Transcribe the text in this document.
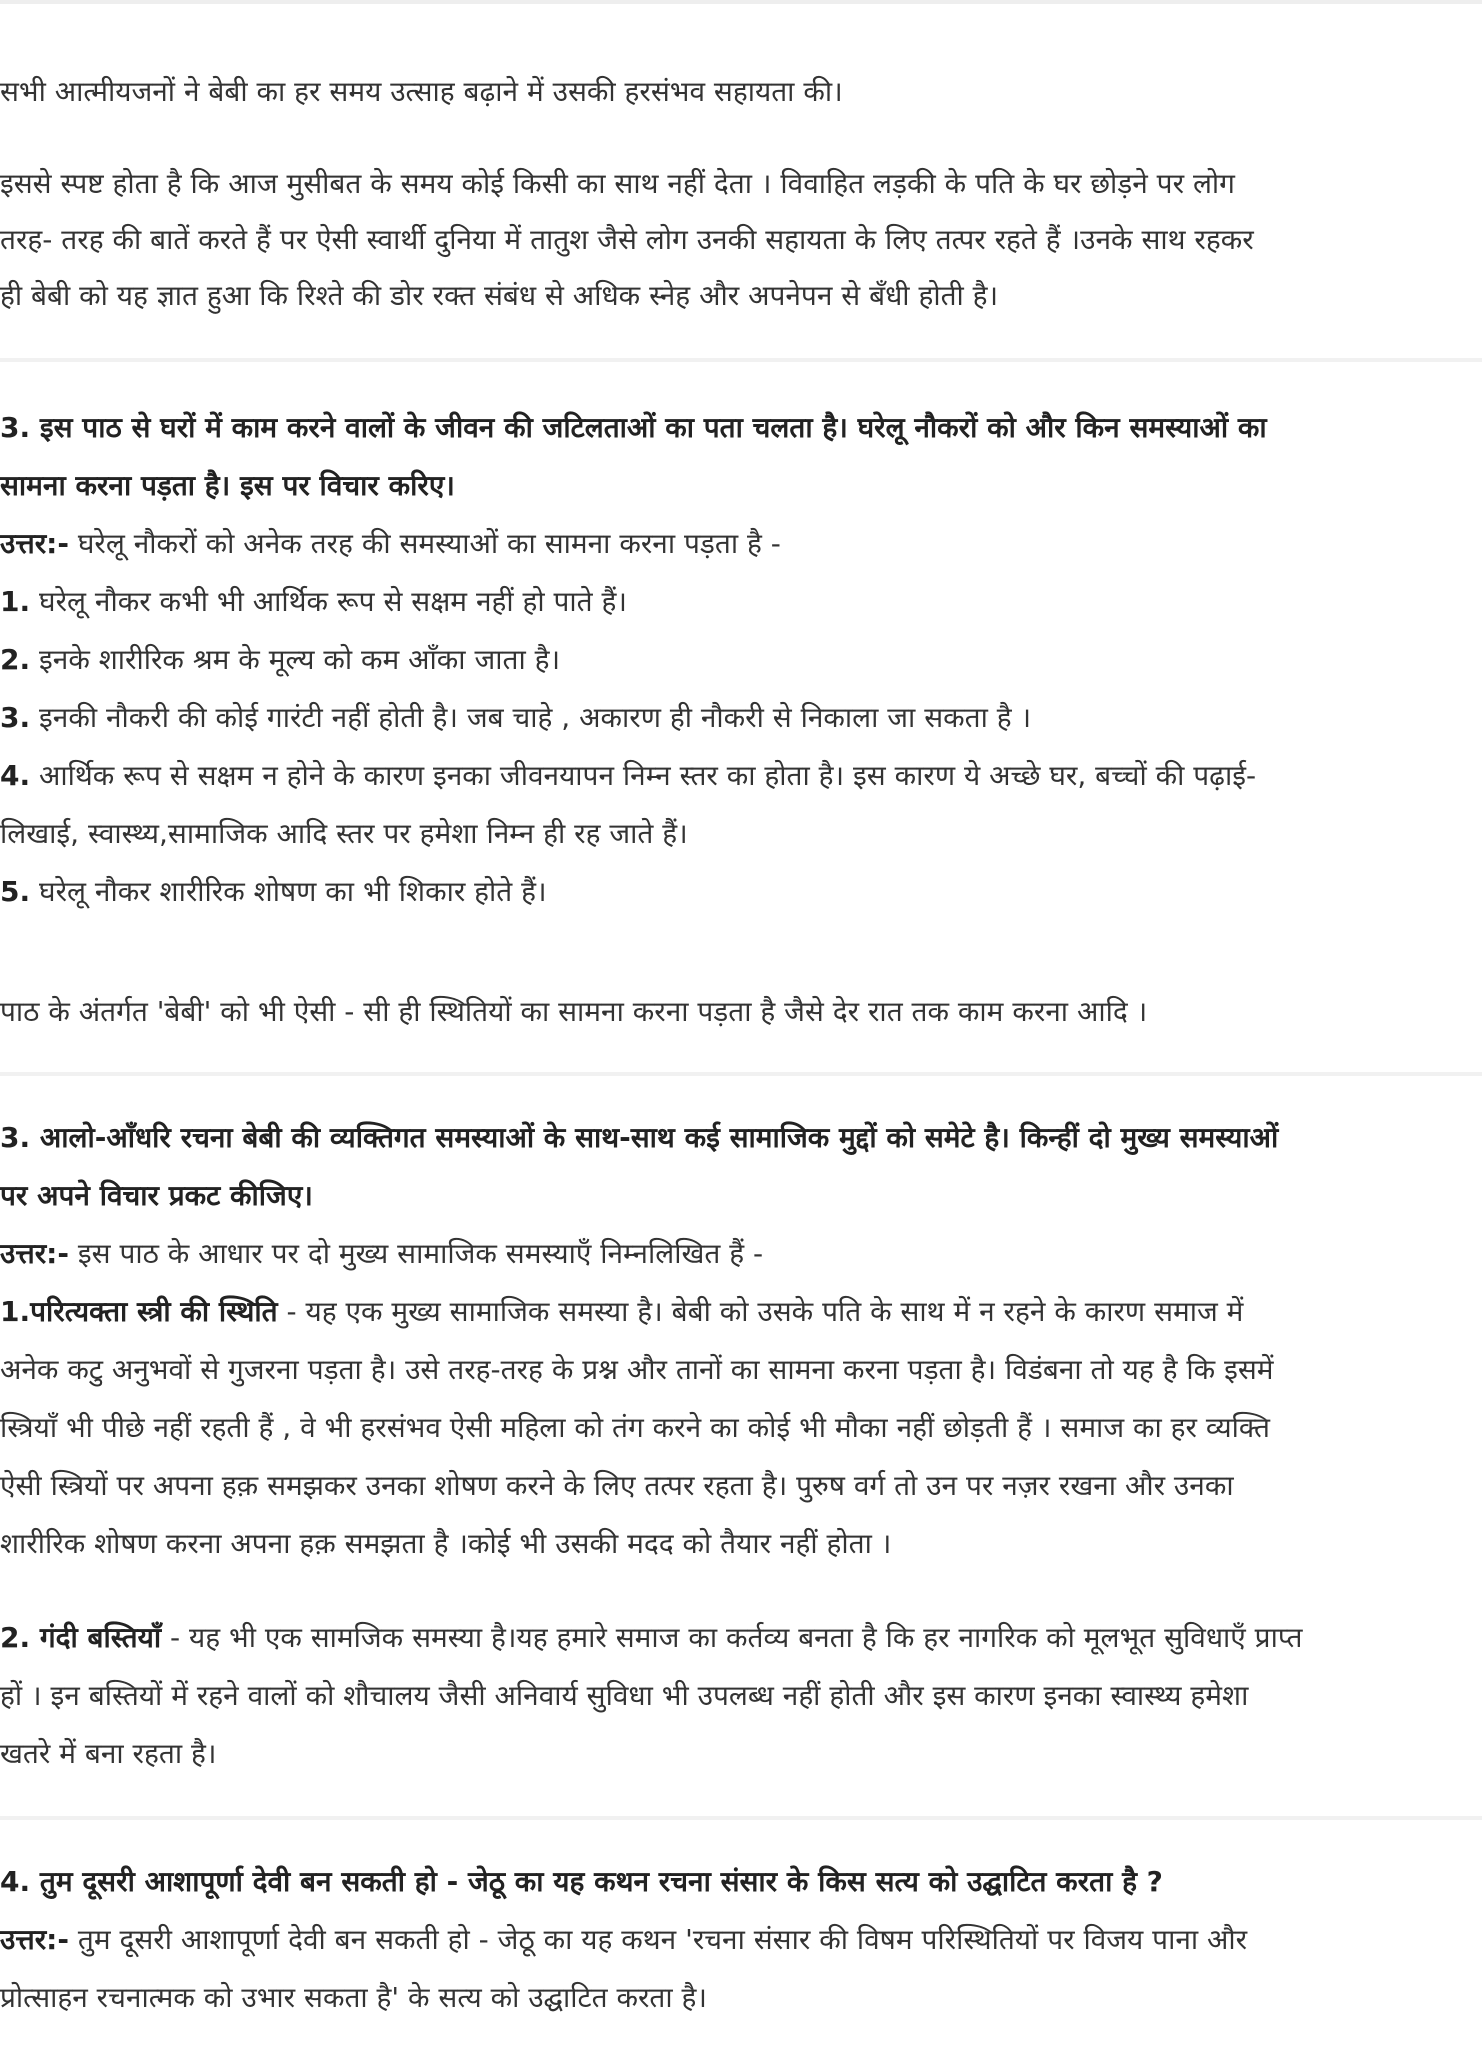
सभी आत्मीयजनों ने बेबी का हर समय उत्साह बढ़ाने में उसकी हरसंभव सहायता की।
इससे स्पष्ट होता है कि आज मुसीबत के समय कोई किसी का साथ नहीं देता । विवाहित लड़की के पति के घर छोड़ने पर लोग
तरह- तरह की बातें करते हैं पर ऐसी स्वार्थी दुनिया में तातुश जैसे लोग उनकी सहायता के लिए तत्पर रहते हैं ।उनके साथ रहकर
ही बेबी को यह ज्ञात हुआ कि रिश्ते की डोर रक्त संबंध से अधिक स्नेह और अपनेपन से बँधी होती है।
3. इस पाठ से घरों में काम करने वालों के जीवन की जटिलताओं का पता चलता है। घरेलू नौकरों को और किन समस्याओं का
सामना करना पड़ता है। इस पर विचार करिए।
उत्तर:- घरेलू नौकरों को अनेक तरह की समस्याओं का सामना करना पड़ता है -
1. घरेलू नौकर कभी भी आर्थिक रूप से सक्षम नहीं हो पाते हैं।
2. इनके शारीरिक श्रम के मूल्य को कम आँका जाता है।
3. इनकी नौकरी की कोई गारंटी नहीं होती है। जब चाहे , अकारण ही नौकरी से निकाला जा सकता है ।
4. आर्थिक रूप से सक्षम न होने के कारण इनका जीवनयापन निम्न स्तर का होता है। इस कारण ये अच्छे घर, बच्चों की पढ़ाई-
लिखाई, स्वास्थ्य,सामाजिक आदि स्तर पर हमेशा निम्न ही रह जाते हैं।
5. घरेलू नौकर शारीरिक शोषण का भी शिकार होते हैं।
पाठ के अंतर्गत 'बेबी' को भी ऐसी - सी ही स्थितियों का सामना करना पड़ता है जैसे देर रात तक काम करना आदि ।
3. आलो-आँधरि रचना बेबी की व्यक्तिगत समस्याओं के साथ-साथ कई सामाजिक मुद्दों को समेटे है। किन्हीं दो मुख्य समस्याओं
पर अपने विचार प्रकट कीजिए।
उत्तर:- इस पाठ के आधार पर दो मुख्य सामाजिक समस्याएँ निम्नलिखित हैं -
1.परित्यक्ता स्त्री की स्थिति - यह एक मुख्य सामाजिक समस्या है। बेबी को उसके पति के साथ में न रहने के कारण समाज में
अनेक कटु अनुभवों से गुजरना पड़ता है। उसे तरह-तरह के प्रश्न और तानों का सामना करना पड़ता है। विडंबना तो यह है कि इसमें
स्त्रियाँ भी पीछे नहीं रहती हैं , वे भी हरसंभव ऐसी महिला को तंग करने का कोई भी मौका नहीं छोड़ती हैं । समाज का हर व्यक्ति
ऐसी स्त्रियों पर अपना हक़ समझकर उनका शोषण करने के लिए तत्पर रहता है। पुरुष वर्ग तो उन पर नज़र रखना और उनका
शारीरिक शोषण करना अपना हक़ समझता है ।कोई भी उसकी मदद को तैयार नहीं होता ।
2. गंदी बस्तियाँ - यह भी एक सामजिक समस्या है।यह हमारे समाज का कर्तव्य बनता है कि हर नागरिक को मूलभूत सुविधाएँ प्राप्त
हों । इन बस्तियों में रहने वालों को शौचालय जैसी अनिवार्य सुविधा भी उपलब्ध नहीं होती और इस कारण इनका स्वास्थ्य हमेशा
खतरे में बना रहता है।
4. तुम दूसरी आशापूर्णा देवी बन सकती हो - जेठू का यह कथन रचना संसार के किस सत्य को उद्घाटित करता है ?
उत्तर:- तुम दूसरी आशापूर्णा देवी बन सकती हो - जेठू का यह कथन 'रचना संसार की विषम परिस्थितियों पर विजय पाना और
प्रोत्साहन रचनात्मक को उभार सकता है' के सत्य को उद्घाटित करता है।
